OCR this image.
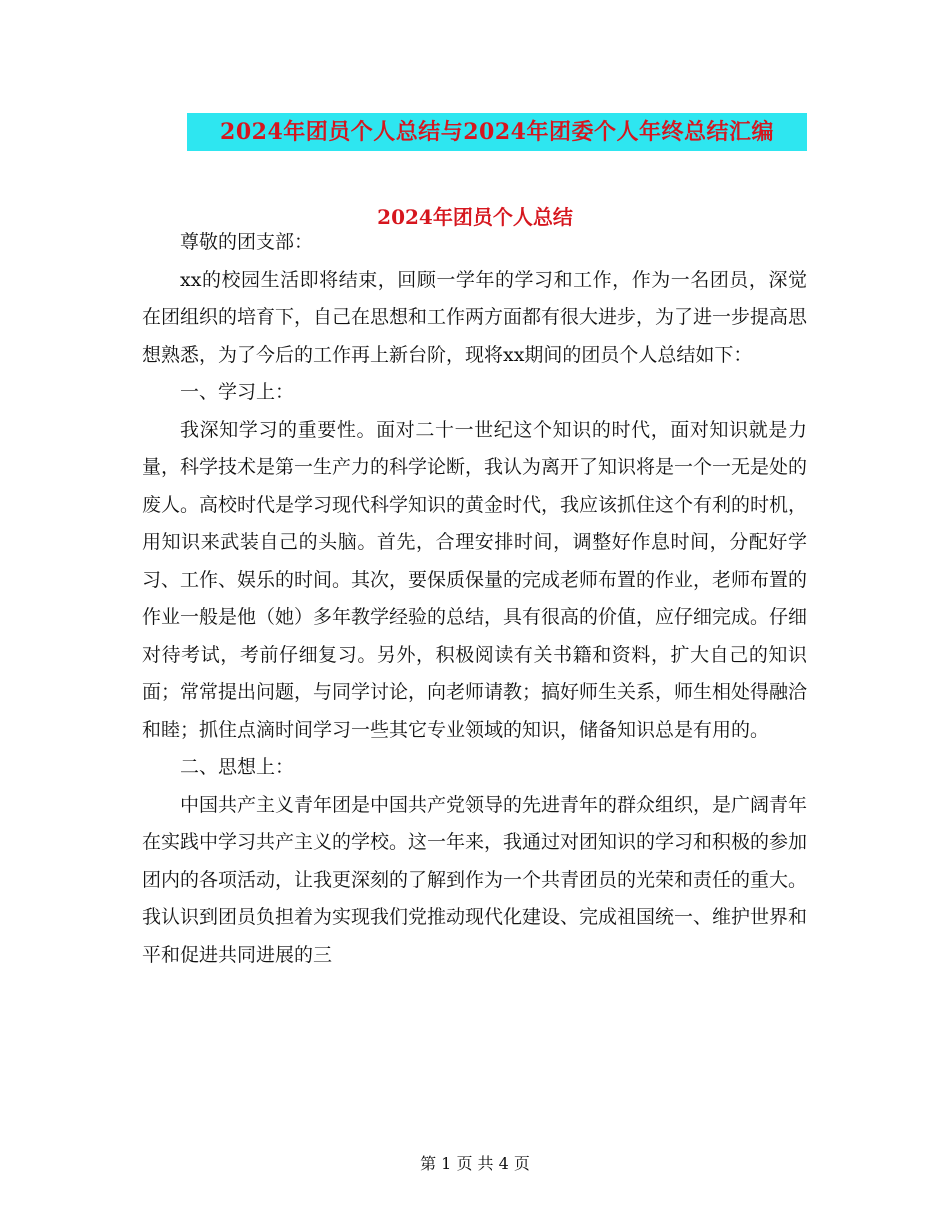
2024年团员个人总结与2024年团委个人年终总结汇编
2024年团员个人总结

尊敬的团支部：

xx的校园生活即将结束，回顾一学年的学习和工作，作为一名团员，深觉在团组织的培育下，自己在思想和工作两方面都有很大进步，为了进一步提高思想熟悉，为了今后的工作再上新台阶，现将xx期间的团员个人总结如下：

一、学习上：

我深知学习的重要性。面对二十一世纪这个知识的时代，面对知识就是力量，科学技术是第一生产力的科学论断，我认为离开了知识将是一个一无是处的废人。高校时代是学习现代科学知识的黄金时代，我应该抓住这个有利的时机，用知识来武装自己的头脑。首先，合理安排时间，调整好作息时间，分配好学习、工作、娱乐的时间。其次，要保质保量的完成老师布置的作业，老师布置的作业一般是他（她）多年教学经验的总结，具有很高的价值，应仔细完成。仔细对待考试，考前仔细复习。另外，积极阅读有关书籍和资料，扩大自己的知识面；常常提出问题，与同学讨论，向老师请教；搞好师生关系，师生相处得融洽和睦；抓住点滴时间学习一些其它专业领域的知识，储备知识总是有用的。

二、思想上：

中国共产主义青年团是中国共产党领导的先进青年的群众组织，是广阔青年在实践中学习共产主义的学校。这一年来，我通过对团知识的学习和积极的参加团内的各项活动，让我更深刻的了解到作为一个共青团员的光荣和责任的重大。我认识到团员负担着为实现我们党推动现代化建设、完成祖国统一、维护世界和平和促进共同进展的三

第 1 页 共 4 页
